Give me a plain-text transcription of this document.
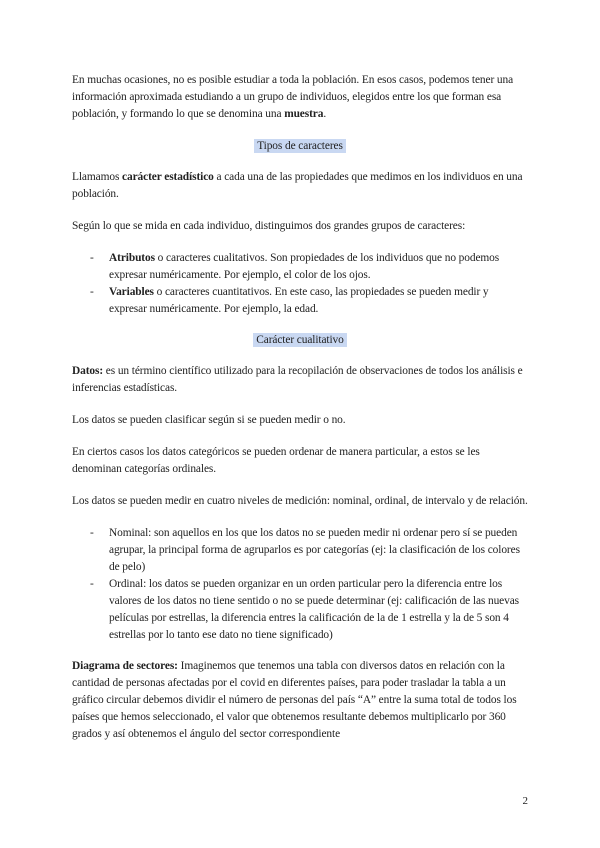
En muchas ocasiones, no es posible estudiar a toda la población. En esos casos, podemos tener una información aproximada estudiando a un grupo de individuos, elegidos entre los que forman esa población, y formando lo que se denomina una muestra.

Tipos de caracteres

Llamamos carácter estadístico a cada una de las propiedades que medimos en los individuos en una población.

Según lo que se mida en cada individuo, distinguimos dos grandes grupos de caracteres:

- Atributos o caracteres cualitativos. Son propiedades de los individuos que no podemos expresar numéricamente. Por ejemplo, el color de los ojos.
- Variables o caracteres cuantitativos. En este caso, las propiedades se pueden medir y expresar numéricamente. Por ejemplo, la edad.
Carácter cualitativo

Datos: es un término científico utilizado para la recopilación de observaciones de todos los análisis e inferencias estadísticas.

Los datos se pueden clasificar según si se pueden medir o no.

En ciertos casos los datos categóricos se pueden ordenar de manera particular, a estos se les denominan categorías ordinales.

Los datos se pueden medir en cuatro niveles de medición: nominal, ordinal, de intervalo y de relación.

- Nominal: son aquellos en los que los datos no se pueden medir ni ordenar pero sí se pueden agrupar, la principal forma de agruparlos es por categorías (ej: la clasificación de los colores de pelo)
- Ordinal: los datos se pueden organizar en un orden particular pero la diferencia entre los valores de los datos no tiene sentido o no se puede determinar (ej: calificación de las nuevas películas por estrellas, la diferencia entres la calificación de la de 1 estrella y la de 5 son 4 estrellas por lo tanto ese dato no tiene significado)

Diagrama de sectores: Imaginemos que tenemos una tabla con diversos datos en relación con la cantidad de personas afectadas por el covid en diferentes países, para poder trasladar la tabla a un gráfico circular debemos dividir el número de personas del país “A” entre la suma total de todos los países que hemos seleccionado, el valor que obtenemos resultante debemos multiplicarlo por 360 grados y así obtenemos el ángulo del sector correspondiente

2
